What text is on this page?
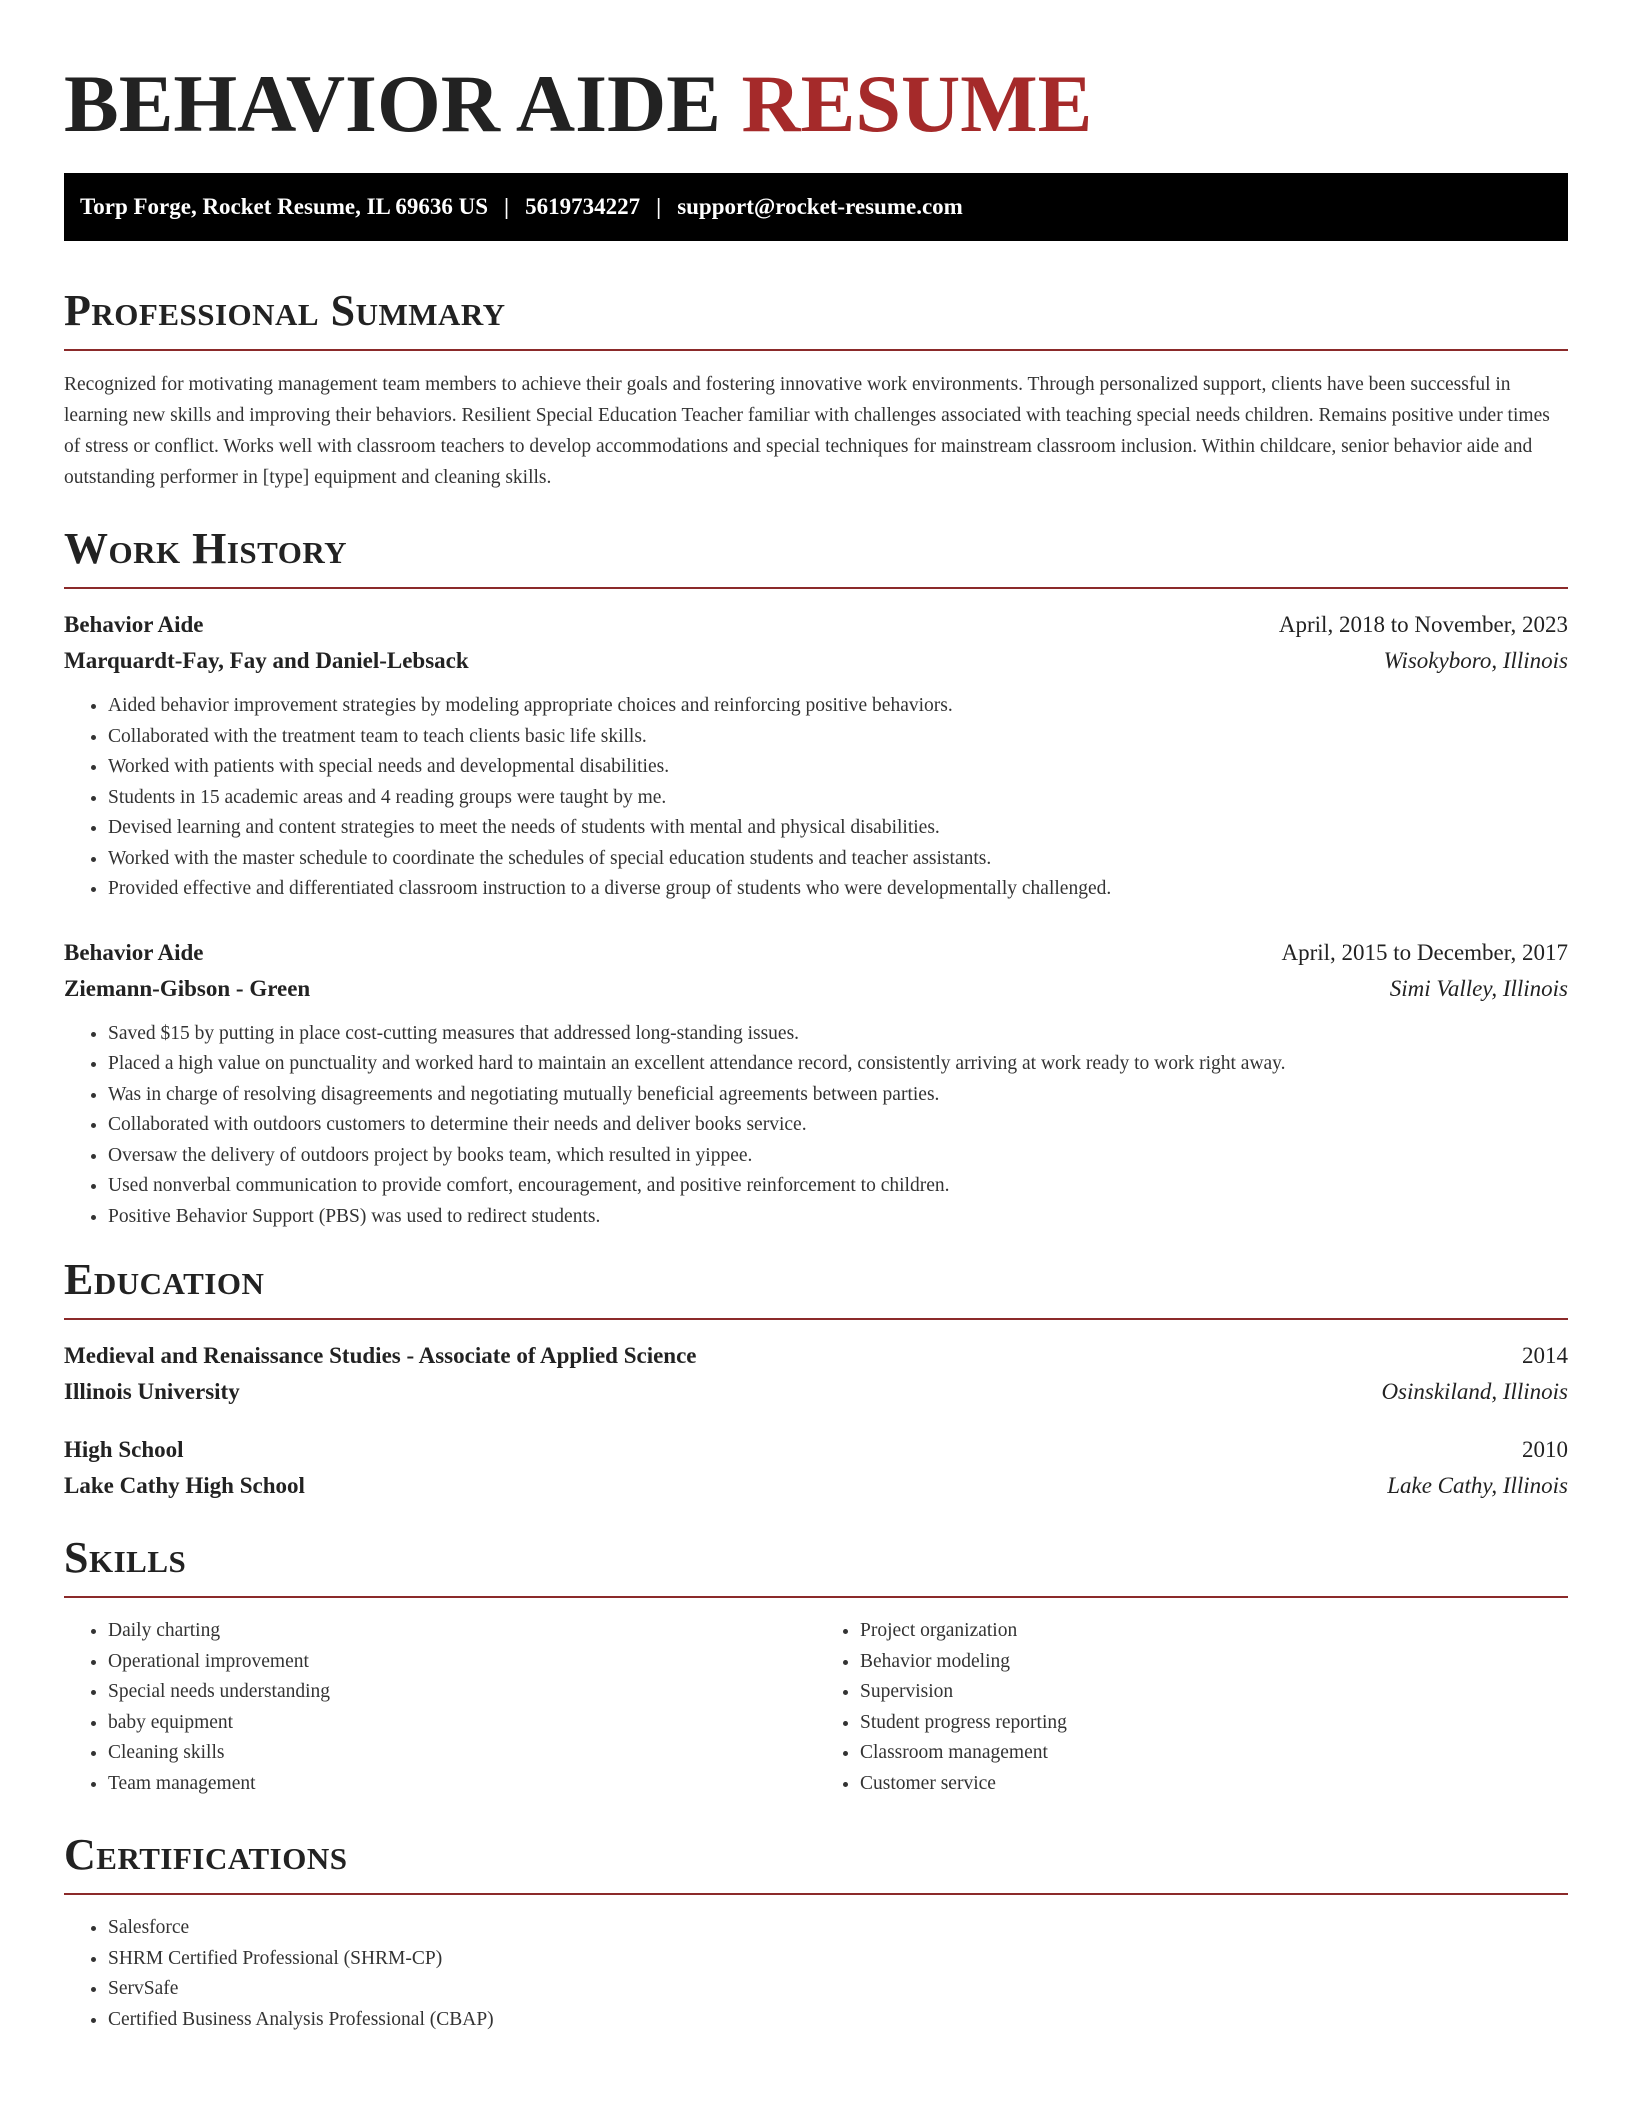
BEHAVIOR AIDE RESUME
Torp Forge, Rocket Resume, IL 69636 US | 5619734227 | support@rocket-resume.com
Professional Summary

Recognized for motivating management team members to achieve their goals and fostering innovative work environments. Through personalized support, clients have been successful in learning new skills and improving their behaviors. Resilient Special Education Teacher familiar with challenges associated with teaching special needs children. Remains positive under times of stress or conflict. Works well with classroom teachers to develop accommodations and special techniques for mainstream classroom inclusion. Within childcare, senior behavior aide and outstanding performer in [type] equipment and cleaning skills.

Work History
Behavior Aide	April, 2018 to November, 2023
Marquardt-Fay, Fay and Daniel-Lebsack	Wisokyboro, Illinois
• Aided behavior improvement strategies by modeling appropriate choices and reinforcing positive behaviors.
• Collaborated with the treatment team to teach clients basic life skills.
• Worked with patients with special needs and developmental disabilities.
• Students in 15 academic areas and 4 reading groups were taught by me.
• Devised learning and content strategies to meet the needs of students with mental and physical disabilities.
• Worked with the master schedule to coordinate the schedules of special education students and teacher assistants.
• Provided effective and differentiated classroom instruction to a diverse group of students who were developmentally challenged.
Behavior Aide	April, 2015 to December, 2017
Ziemann-Gibson - Green	Simi Valley, Illinois
• Saved $15 by putting in place cost-cutting measures that addressed long-standing issues.
• Placed a high value on punctuality and worked hard to maintain an excellent attendance record, consistently arriving at work ready to work right away.
• Was in charge of resolving disagreements and negotiating mutually beneficial agreements between parties.
• Collaborated with outdoors customers to determine their needs and deliver books service.
• Oversaw the delivery of outdoors project by books team, which resulted in yippee.
• Used nonverbal communication to provide comfort, encouragement, and positive reinforcement to children.
• Positive Behavior Support (PBS) was used to redirect students.
Education
Medieval and Renaissance Studies - Associate of Applied Science	2014
Illinois University	Osinskiland, Illinois
High School	2010
Lake Cathy High School	Lake Cathy, Illinois
Skills
• Daily charting
• Operational improvement
• Special needs understanding
• baby equipment
• Cleaning skills
• Team management
• Project organization
• Behavior modeling
• Supervision
• Student progress reporting
• Classroom management
• Customer service
Certifications
• Salesforce
• SHRM Certified Professional (SHRM-CP)
• ServSafe
• Certified Business Analysis Professional (CBAP)
